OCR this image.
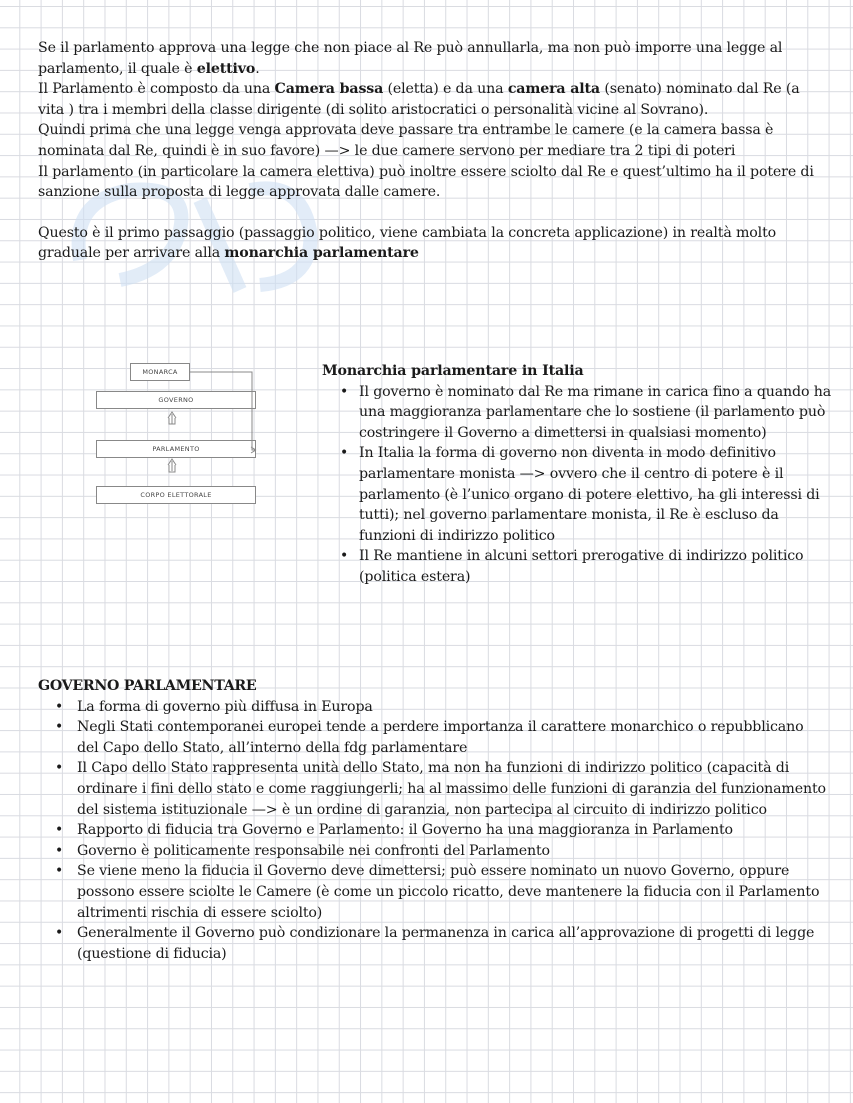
Se il parlamento approva una legge che non piace al Re può annullarla, ma non può imporre una legge al parlamento, il quale è elettivo.

Il Parlamento è composto da una Camera bassa (eletta) e da una camera alta (senato) nominato dal Re (a vita ) tra i membri della classe dirigente (di solito aristocratici o personalità vicine al Sovrano).

Quindi prima che una legge venga approvata deve passare tra entrambe le camere (e la camera bassa è nominata dal Re, quindi è in suo favore) —> le due camere servono per mediare tra 2 tipi di poteri

Il parlamento (in particolare la camera elettiva) può inoltre essere sciolto dal Re e quest’ultimo ha il potere di sanzione sulla proposta di legge approvata dalle camere.

Questo è il primo passaggio (passaggio politico, viene cambiata la concreta applicazione) in realtà molto graduale per arrivare alla monarchia parlamentare

MONARCA
GOVERNO
PARLAMENTO
CORPO ELETTORALE
Monarchia parlamentare in Italia
• Il governo è nominato dal Re ma rimane in carica fino a quando ha una maggioranza parlamentare che lo sostiene (il parlamento può costringere il Governo a dimettersi in qualsiasi momento)
• In Italia la forma di governo non diventa in modo definitivo parlamentare monista —> ovvero che il centro di potere è il parlamento (è l’unico organo di potere elettivo, ha gli interessi di tutti); nel governo parlamentare monista, il Re è escluso da funzioni di indirizzo politico
• Il Re mantiene in alcuni settori prerogative di indirizzo politico (politica estera)
GOVERNO PARLAMENTARE
• La forma di governo più diffusa in Europa
• Negli Stati contemporanei europei tende a perdere importanza il carattere monarchico o repubblicano del Capo dello Stato, all’interno della fdg parlamentare
• Il Capo dello Stato rappresenta unità dello Stato, ma non ha funzioni di indirizzo politico (capacità di ordinare i fini dello stato e come raggiungerli; ha al massimo delle funzioni di garanzia del funzionamento del sistema istituzionale —> è un ordine di garanzia, non partecipa al circuito di indirizzo politico
• Rapporto di fiducia tra Governo e Parlamento: il Governo ha una maggioranza in Parlamento
• Governo è politicamente responsabile nei confronti del Parlamento
• Se viene meno la fiducia il Governo deve dimettersi; può essere nominato un nuovo Governo, oppure possono essere sciolte le Camere (è come un piccolo ricatto, deve mantenere la fiducia con il Parlamento altrimenti rischia di essere sciolto)
• Generalmente il Governo può condizionare la permanenza in carica all’approvazione di progetti di legge (questione di fiducia)
